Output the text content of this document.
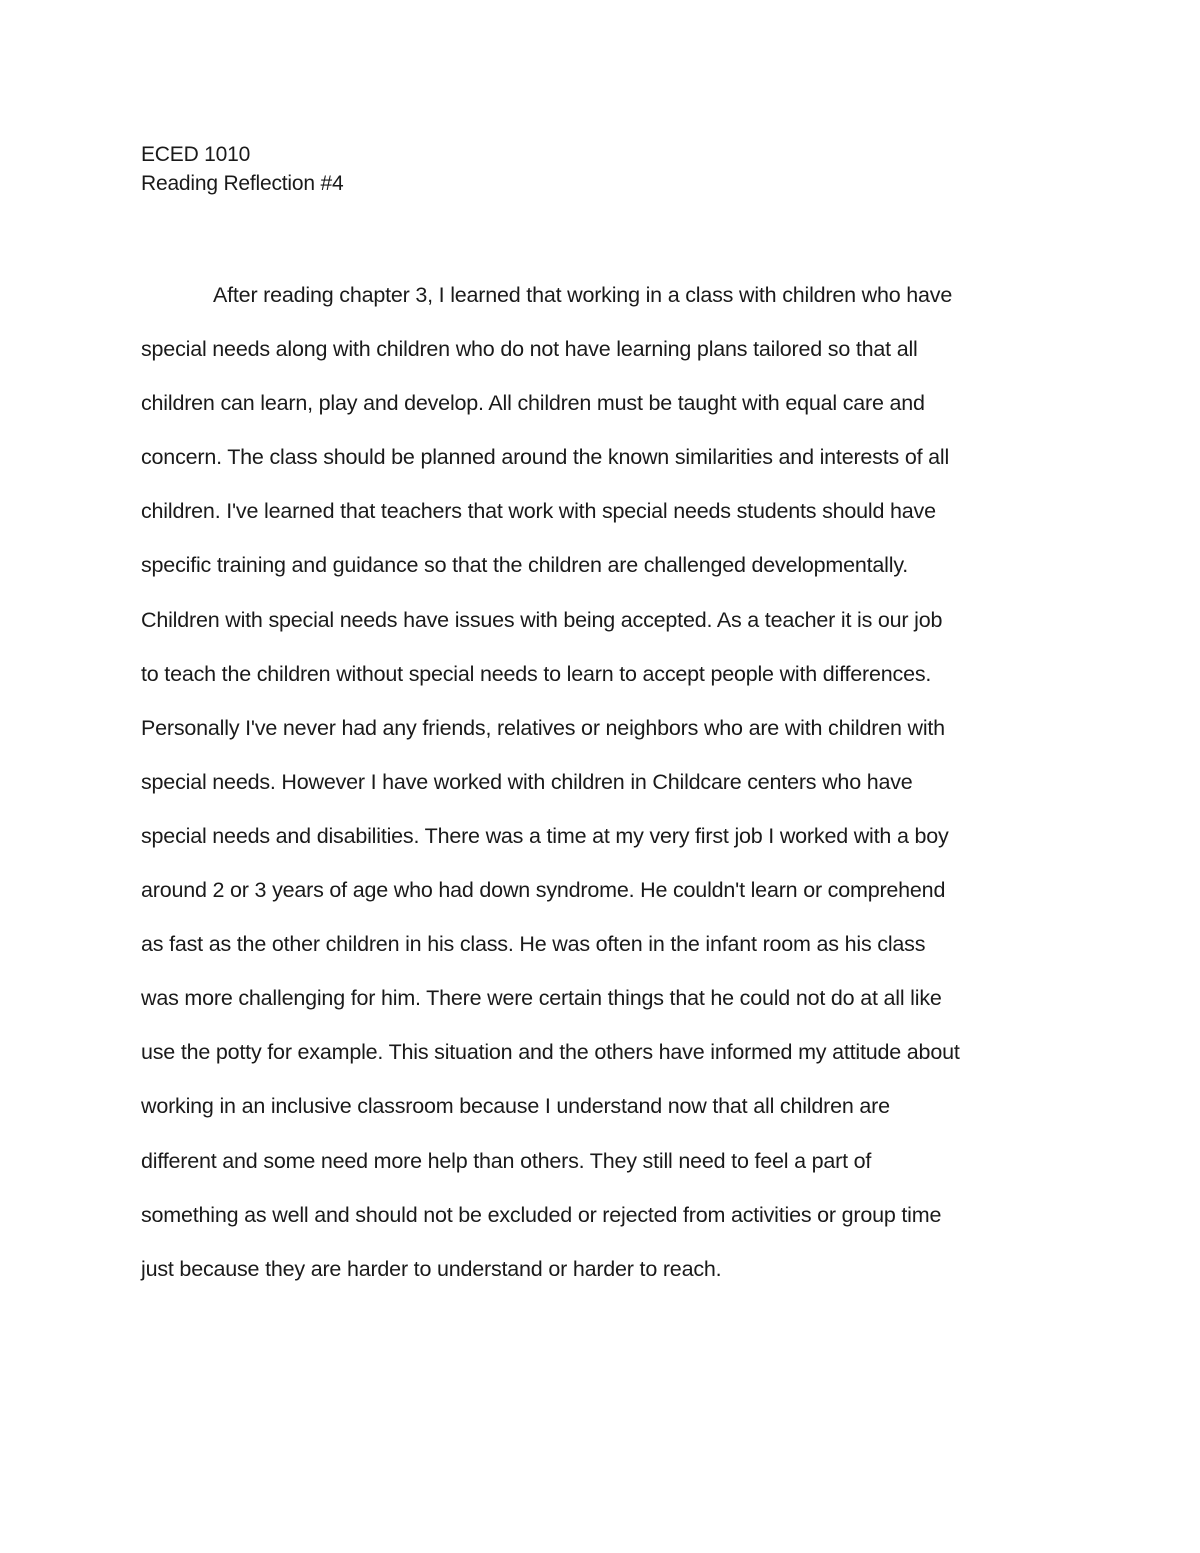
ECED 1010
Reading Reflection #4
After reading chapter 3, I learned that working in a class with children who have
special needs along with children who do not have learning plans tailored so that all
children can learn, play and develop. All children must be taught with equal care and
concern. The class should be planned around the known similarities and interests of all
children. I've learned that teachers that work with special needs students should have
specific training and guidance so that the children are challenged developmentally.
Children with special needs have issues with being accepted. As a teacher it is our job
to teach the children without special needs to learn to accept people with differences.
Personally I've never had any friends, relatives or neighbors who are with children with
special needs. However I have worked with children in Childcare centers who have
special needs and disabilities. There was a time at my very first job I worked with a boy
around 2 or 3 years of age who had down syndrome. He couldn't learn or comprehend
as fast as the other children in his class. He was often in the infant room as his class
was more challenging for him. There were certain things that he could not do at all like
use the potty for example. This situation and the others have informed my attitude about
working in an inclusive classroom because I understand now that all children are
different and some need more help than others. They still need to feel a part of
something as well and should not be excluded or rejected from activities or group time
just because they are harder to understand or harder to reach.
